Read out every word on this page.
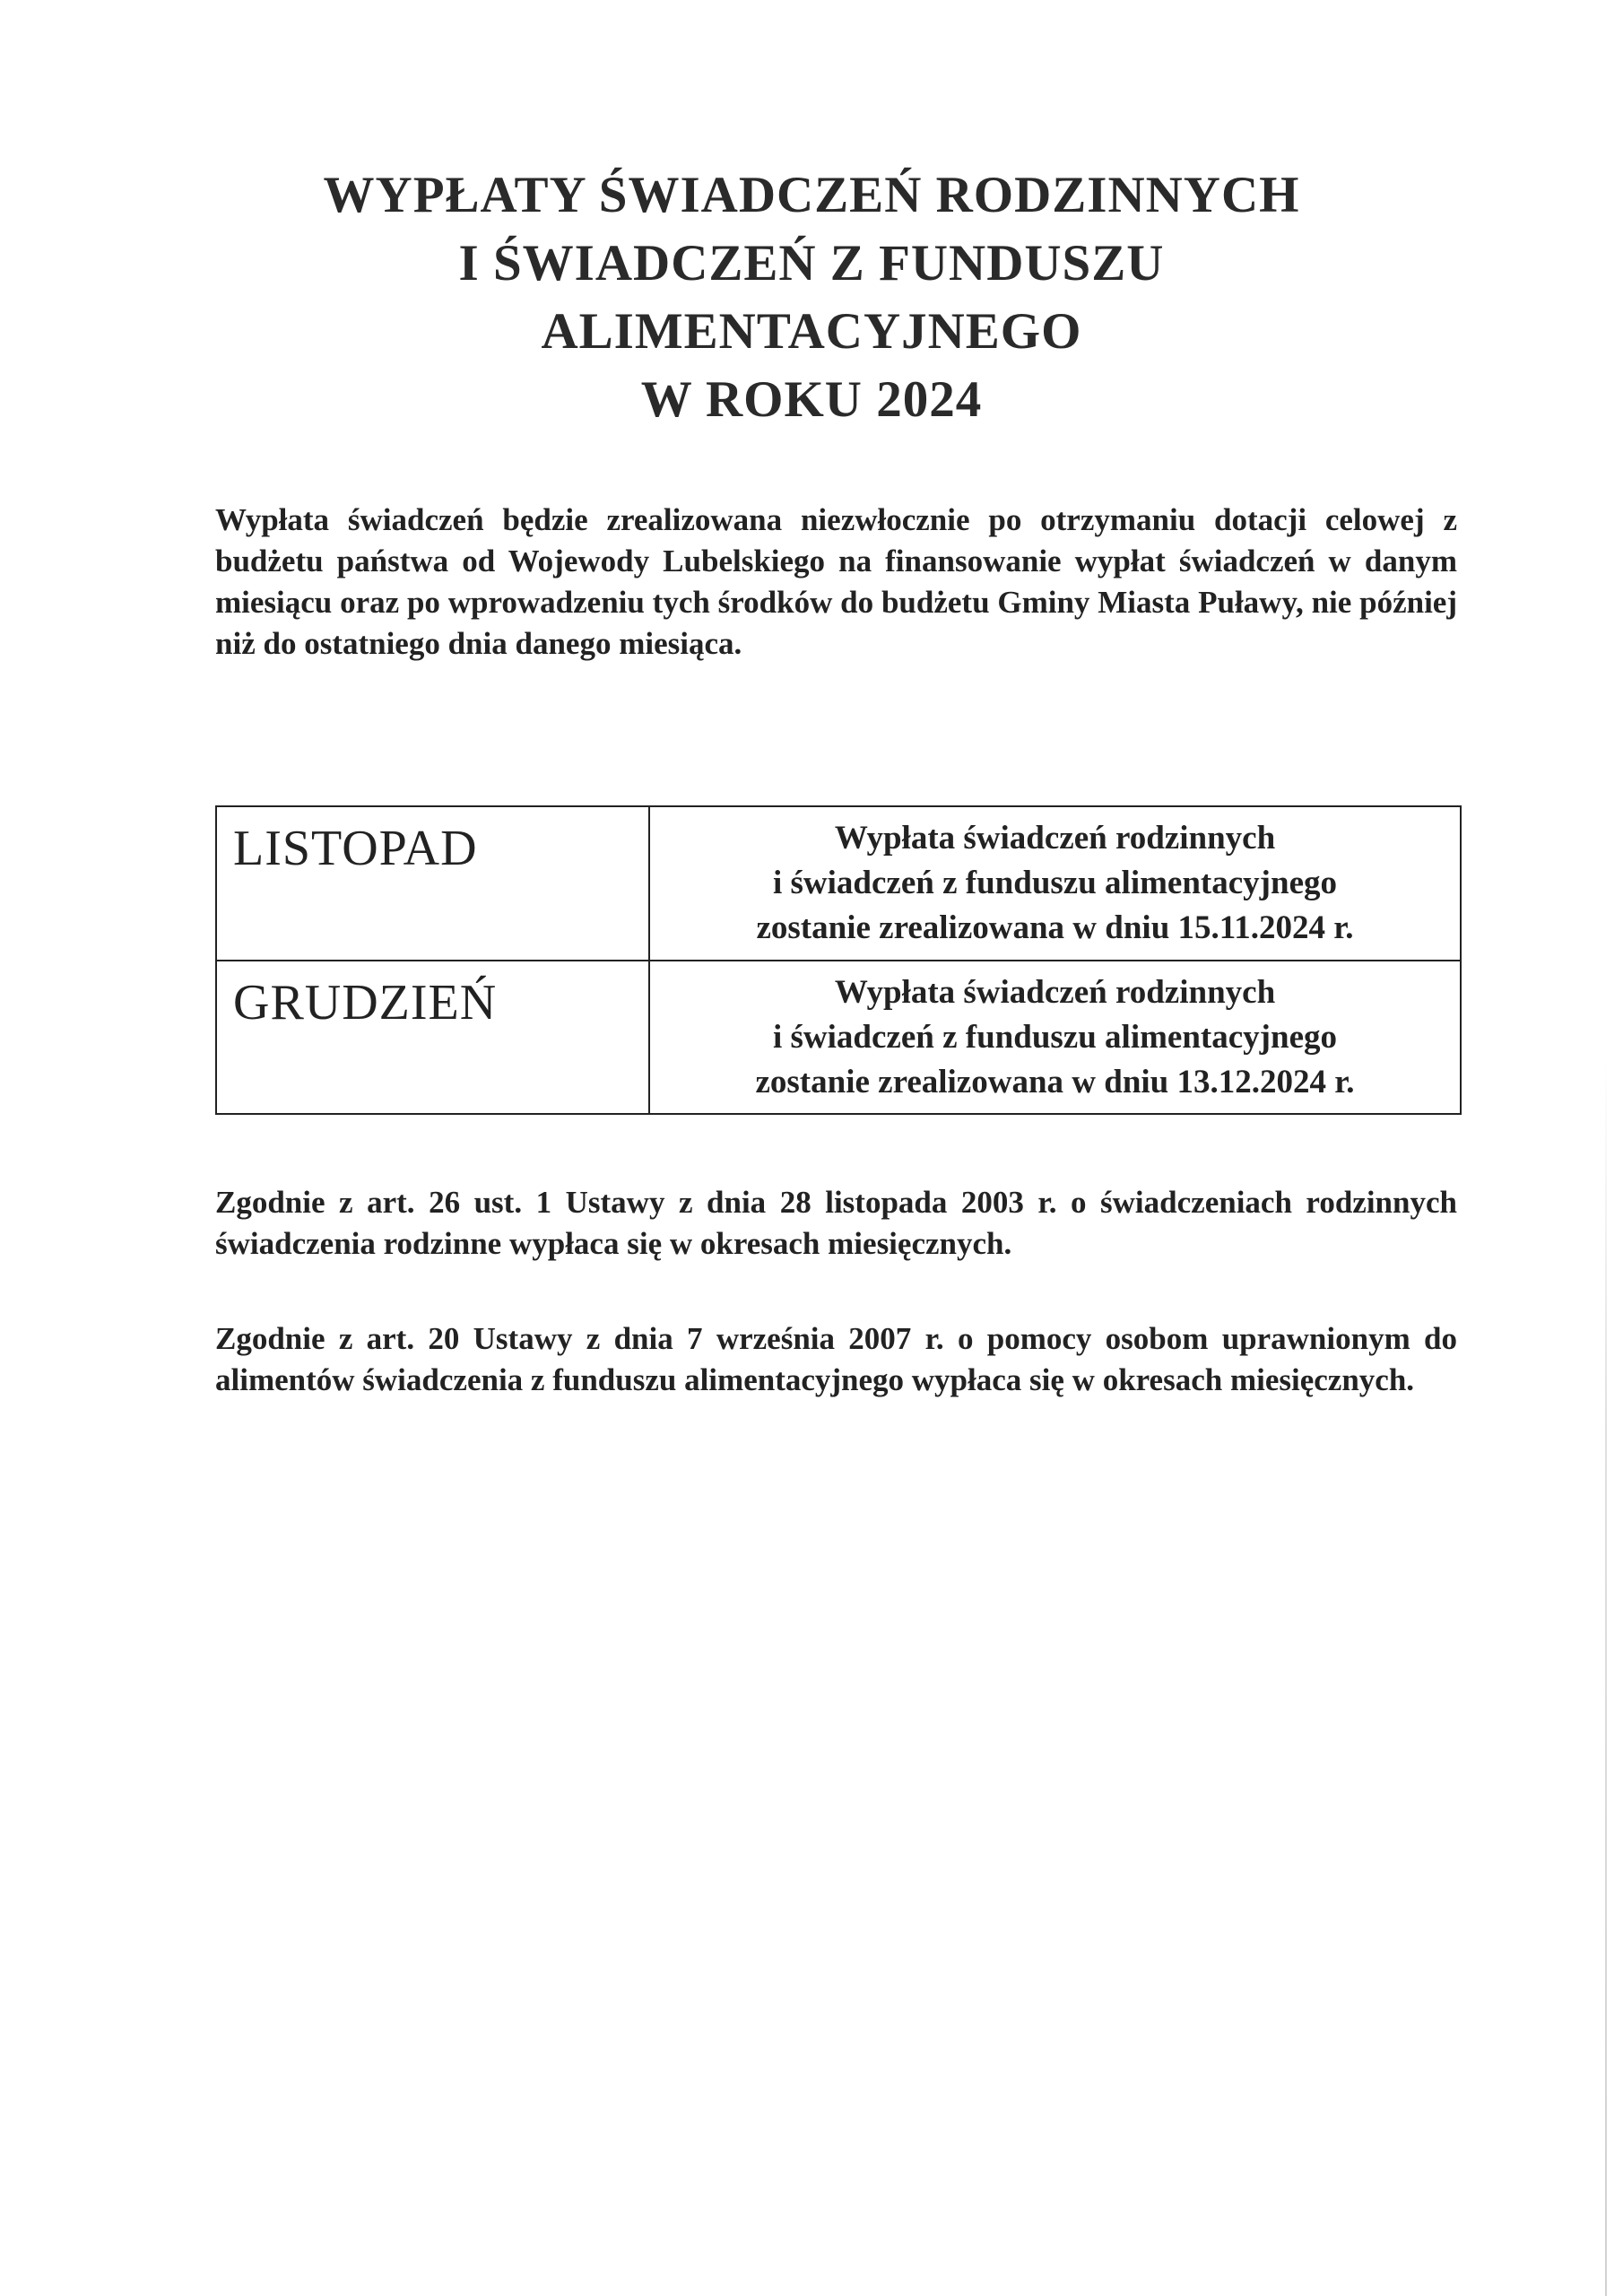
WYPŁATY ŚWIADCZEŃ RODZINNYCH
I ŚWIADCZEŃ Z FUNDUSZU
ALIMENTACYJNEGO
W ROKU 2024

Wypłata świadczeń będzie zrealizowana niezwłocznie po otrzymaniu dotacji celowej z budżetu państwa od Wojewody Lubelskiego na finansowanie wypłat świadczeń w danym miesiącu oraz po wprowadzeniu tych środków do budżetu Gminy Miasta Puławy, nie później niż do ostatniego dnia danego miesiąca.

LISTOPAD	Wypłata świadczeń rodzinnych
i świadczeń z funduszu alimentacyjnego
zostanie zrealizowana w dniu 15.11.2024 r.

GRUDZIEŃ	Wypłata świadczeń rodzinnych
i świadczeń z funduszu alimentacyjnego
zostanie zrealizowana w dniu 13.12.2024 r.

Zgodnie z art. 26 ust. 1 Ustawy z dnia 28 listopada 2003 r. o świadczeniach rodzinnych świadczenia rodzinne wypłaca się w okresach miesięcznych.

Zgodnie z art. 20 Ustawy z dnia 7 września 2007 r. o pomocy osobom uprawnionym do alimentów świadczenia z funduszu alimentacyjnego wypłaca się w okresach miesięcznych.
